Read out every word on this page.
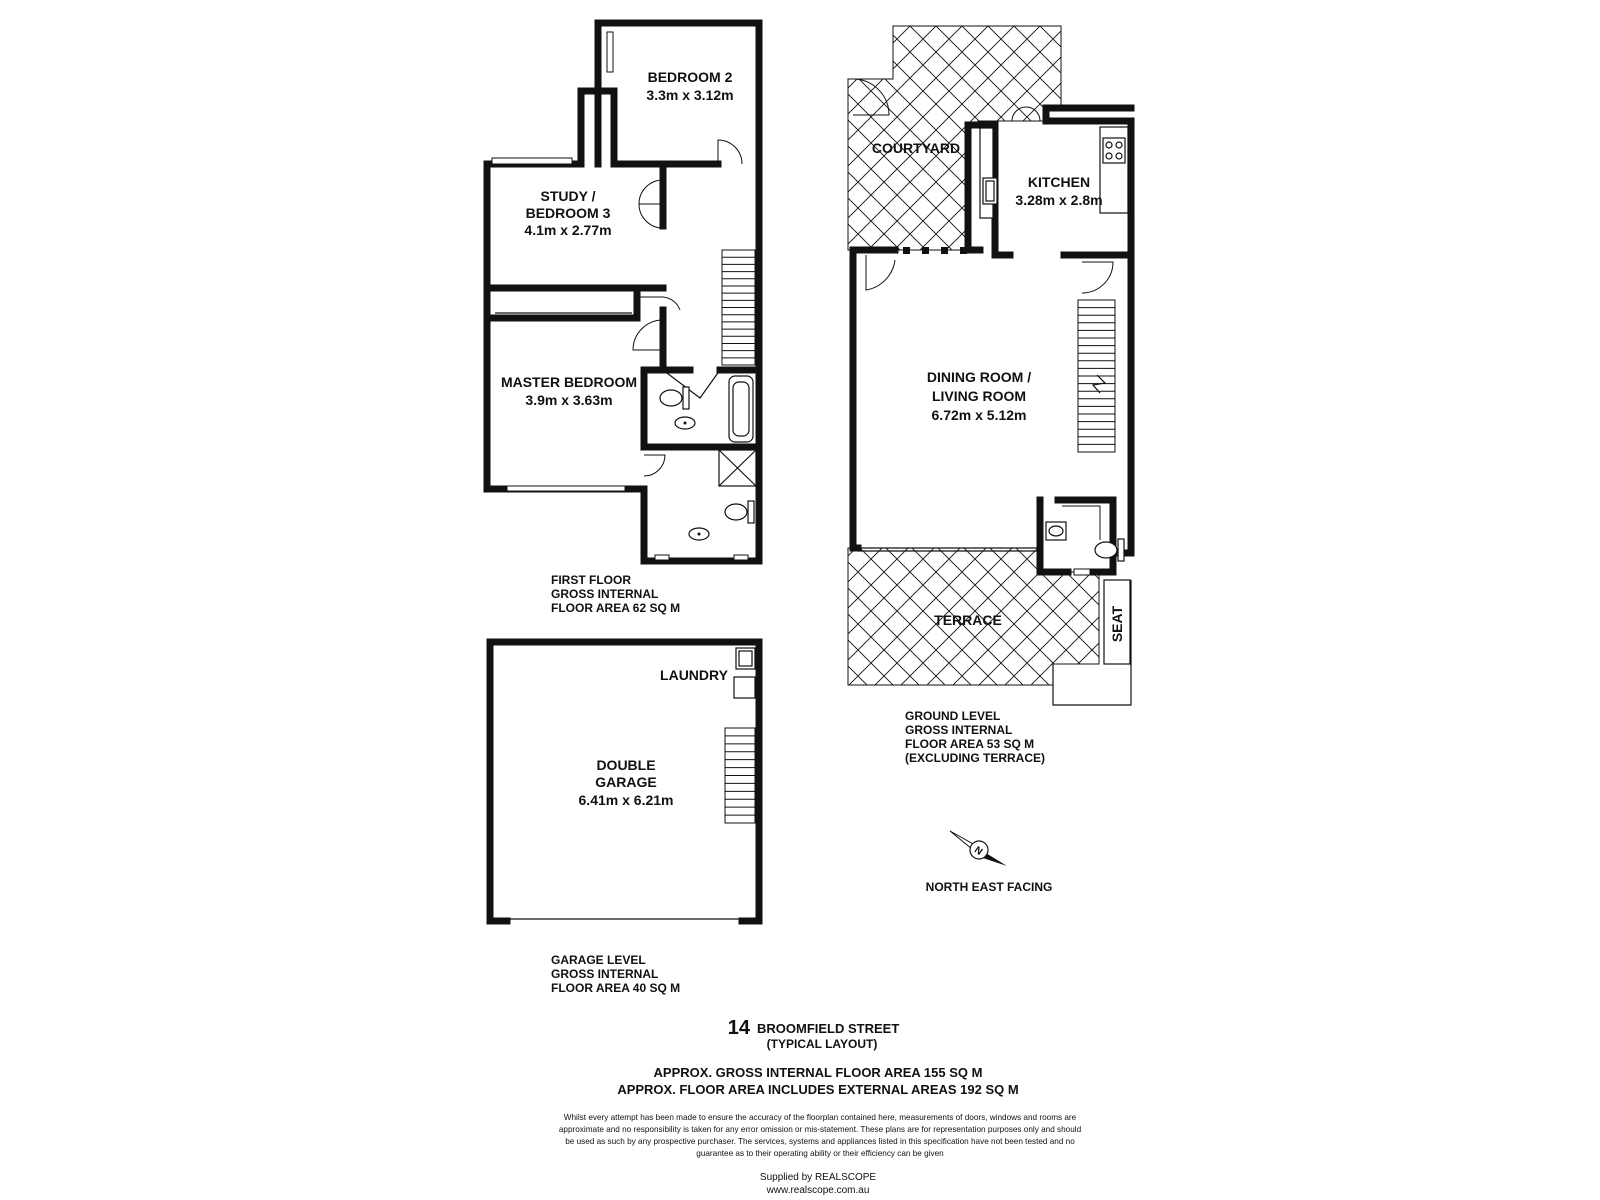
BEDROOM 2
3.3m x 3.12m
STUDY /
BEDROOM 3
4.1m x 2.77m
MASTER BEDROOM
3.9m x 3.63m
FIRST FLOOR
GROSS INTERNAL
FLOOR AREA 62 SQ M
LAUNDRY
DOUBLE
GARAGE
6.41m x 6.21m
GARAGE LEVEL
GROSS INTERNAL
FLOOR AREA 40 SQ M
COURTYARD
KITCHEN
3.28m x 2.8m
DINING ROOM /
LIVING ROOM
6.72m x 5.12m
TERRACE	SEAT
GROUND LEVEL
GROSS INTERNAL
FLOOR AREA 53 SQ M
(EXCLUDING TERRACE)
N
NORTH EAST FACING
14 BROOMFIELD STREET
(TYPICAL LAYOUT)
APPROX. GROSS INTERNAL FLOOR AREA 155 SQ M
APPROX. FLOOR AREA INCLUDES EXTERNAL AREAS 192 SQ M
Whilst every attempt has been made to ensure the accuracy of the floorplan contained here, measurements of doors, windows and rooms are
approximate and no responsibility is taken for any error omission or mis-statement. These plans are for representation purposes only and should
be used as such by any prospective purchaser. The services, systems and appliances listed in this specification have not been tested and no
guarantee as to their operating ability or their efficiency can be given
Supplied by REALSCOPE
www.realscope.com.au
